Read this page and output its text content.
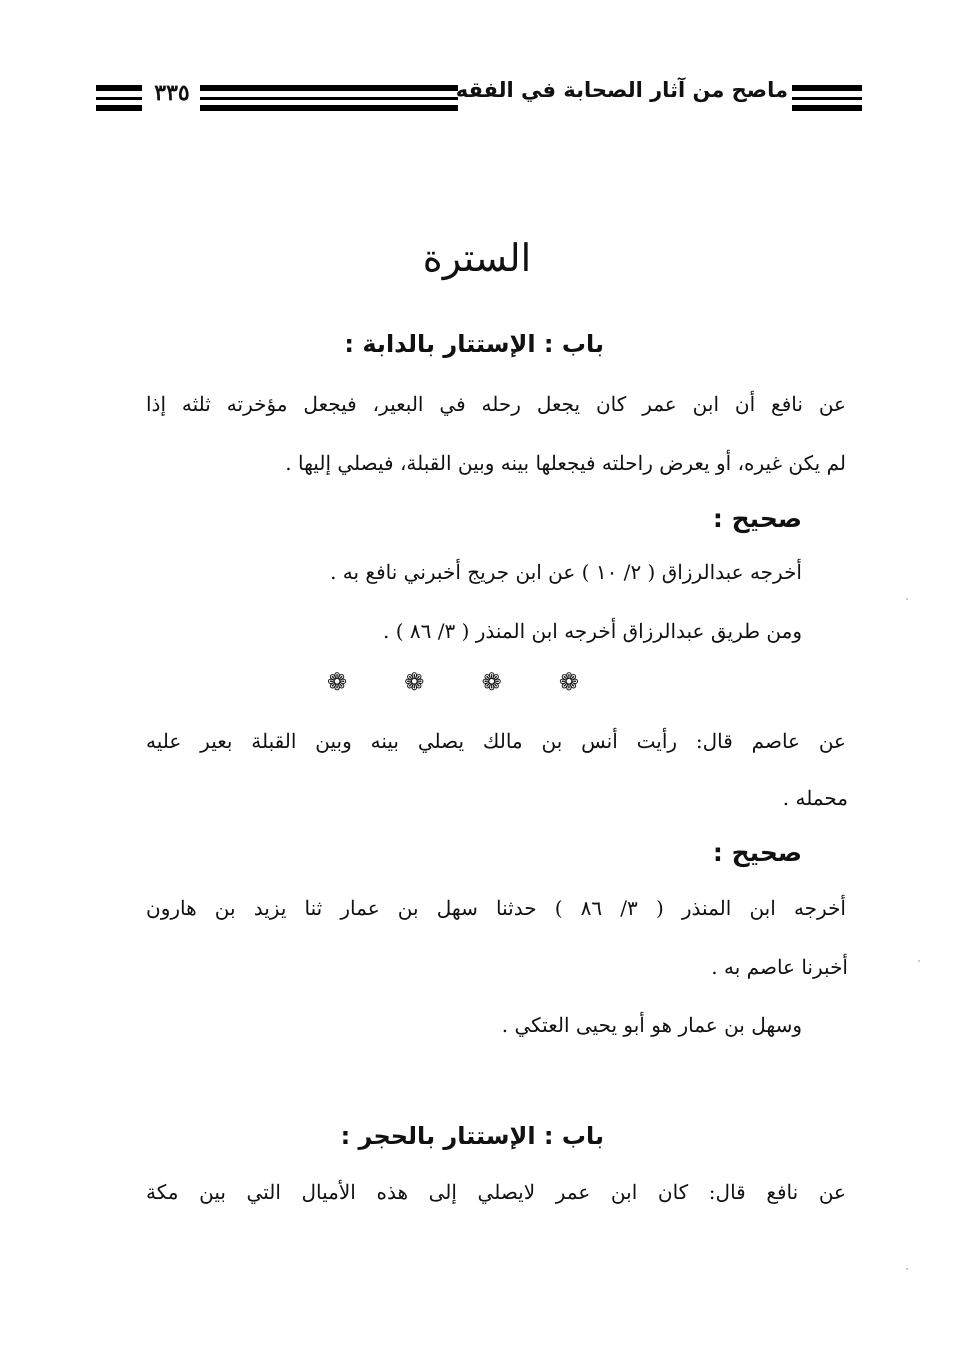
٣٣٥	ماصح من آثار الصحابة في الفقه
السترة
باب : الإستتار بالدابة :
عن نافع أن ابن عمر كان يجعل رحله في البعير، فيجعل مؤخرته ثلثه إذا
لم يكن غيره، أو يعرض راحلته فيجعلها بينه وبين القبلة، فيصلي إليها .
صحيح :
أخرجه عبدالرزاق ( ٢/ ١٠ ) عن ابن جريج أخبرني نافع به .
ومن طريق عبدالرزاق أخرجه ابن المنذر ( ٣/ ٨٦ ) .
❁ ❁ ❁ ❁
عن عاصم قال: رأيت أنس بن مالك يصلي بينه وبين القبلة بعير عليه
محمله .
صحيح :
أخرجه ابن المنذر ( ٣/ ٨٦ ) حدثنا سهل بن عمار ثنا يزيد بن هارون
أخبرنا عاصم به .
وسهل بن عمار هو أبو يحيى العتكي .
باب : الإستتار بالحجر :
عن نافع قال: كان ابن عمر لايصلي إلى هذه الأميال التي بين مكة
